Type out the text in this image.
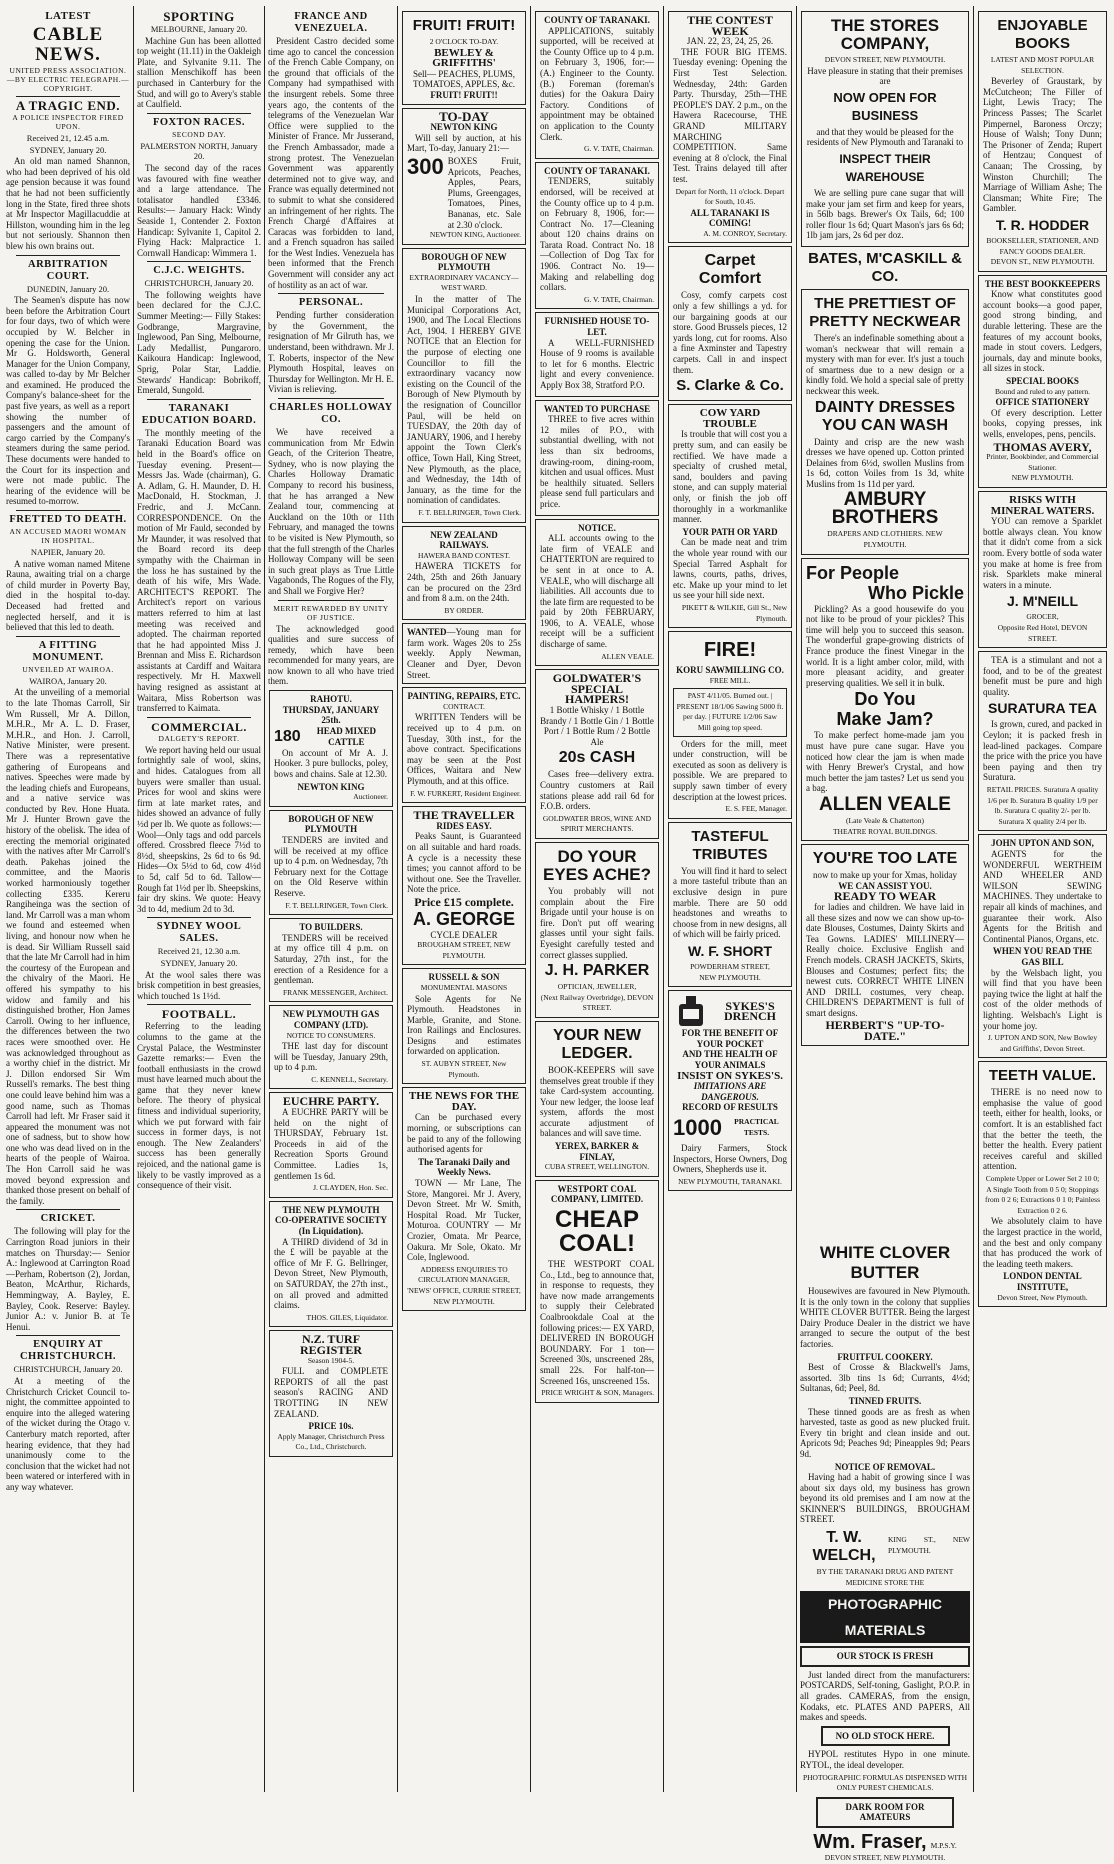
LATEST
CABLE NEWS.
UNITED PRESS ASSOCIATION.—BY ELECTRIC TELEGRAPH.—COPYRIGHT.
A TRAGIC END.
A POLICE INSPECTOR FIRED UPON.
Received 21, 12.45 a.m.
SYDNEY, January 20.

An old man named Shannon, who had been deprived of his old age pension because it was found that he had not been sufficiently long in the State, fired three shots at Mr Inspector Magillacuddie at Hillston, wounding him in the leg but not seriously. Shannon then blew his own brains out.

ARBITRATION COURT.
DUNEDIN, January 20.

The Seamen's dispute has now been before the Arbitration Court for four days, two of which were occupied by W. Belcher in opening the case for the Union. Mr G. Holdsworth, General Manager for the Union Company, was called to-day by Mr Belcher and examined. He produced the Company's balance-sheet for the past five years, as well as a report showing the number of passengers and the amount of cargo carried by the Company's steamers during the same period. These documents were handed to the Court for its inspection and were not made public. The hearing of the evidence will be resumed to-morrow.

FRETTED TO DEATH.
AN ACCUSED MAORI WOMAN IN HOSPITAL.
NAPIER, January 20.

A native woman named Mitene Rauna, awaiting trial on a charge of child murder in Poverty Bay, died in the hospital to-day. Deceased had fretted and neglected herself, and it is believed that this led to death.

A FITTING MONUMENT.
UNVEILED AT WAIROA.
WAIROA, January 20.

At the unveiling of a memorial to the late Thomas Carroll, Sir Wm Russell, Mr A. Dillon, M.H.R., Mr A. L. D. Fraser, M.H.R., and Hon. J. Carroll, Native Minister, were present. There was a representative gathering of Europeans and natives. Speeches were made by the leading chiefs and Europeans, and a native service was conducted by Rev. Hone Huata. Mr J. Hunter Brown gave the history of the obelisk. The idea of erecting the memorial originated with the natives after Mr Carroll's death. Pakehas joined the committee, and the Maoris worked harmoniously together collecting £335. Kereru Rangiheinga was the section of land. Mr Carroll was a man whom we found and esteemed when living, and honour now when he is dead. Sir William Russell said that the late Mr Carroll had in him the courtesy of the European and the chivalry of the Maori. He offered his sympathy to his widow and family and his distinguished brother, Hon James Carroll. Owing to her influence, the differences between the two races were smoothed over. He was acknowledged throughout as a worthy chief in the district. Mr J. Dillon endorsed Sir Wm Russell's remarks. The best thing one could leave behind him was a good name, such as Thomas Carroll had left. Mr Fraser said it appeared the monument was not one of sadness, but to show how one who was dead lived on in the hearts of the people of Wairoa. The Hon Carroll said he was moved beyond expression and thanked those present on behalf of the family.

CRICKET.

The following will play for the Carrington Road juniors in their matches on Thursday:— Senior A.: Inglewood at Carrington Road—Perham, Robertson (2), Jordan, Beaton, McArthur, Richards, Hemmingway, A. Bayley, E. Bayley, Cook. Reserve: Bayley. Junior A.: v. Junior B. at Te Henui.

ENQUIRY AT CHRISTCHURCH.
CHRISTCHURCH, January 20.

At a meeting of the Christchurch Cricket Council to-night, the committee appointed to enquire into the alleged watering of the wicket during the Otago v. Canterbury match reported, after hearing evidence, that they had unanimously come to the conclusion that the wicket had not been watered or interfered with in any way whatever.

SPORTING
MELBOURNE, January 20.

Machine Gun has been allotted top weight (11.11) in the Oakleigh Plate, and Sylvanite 9.11. The stallion Menschikoff has been purchased in Canterbury for the Stud, and will go to Avery's stable at Caulfield.

FOXTON RACES.
SECOND DAY.
PALMERSTON NORTH, January 20.

The second day of the races was favoured with fine weather and a large attendance. The totalisator handled £3346. Results:— January Hack: Windy Seaside 1, Contender 2. Foxton Handicap: Sylvanite 1, Capitol 2. Flying Hack: Malpractice 1. Cornwall Handicap: Wimmera 1.

C.J.C. WEIGHTS.
CHRISTCHURCH, January 20.

The following weights have been declared for the C.J.C. Summer Meeting:— Filly Stakes: Godbrange, Margravine, Inglewood, Pan Sing, Melbourne, Lady Medallist, Pungaroro. Kaikoura Handicap: Inglewood, Sprig, Polar Star, Laddie. Stewards' Handicap: Bobrikoff, Emerald, Sungold.

TARANAKI EDUCATION BOARD.

The monthly meeting of the Taranaki Education Board was held in the Board's office on Tuesday evening. Present—Messrs Jas. Wade (chairman), G. A. Adlam, G. H. Maunder, D. H. MacDonald, H. Stockman, J. Fredric, and J. McCann. CORRESPONDENCE. On the motion of Mr Fauld, seconded by Mr Maunder, it was resolved that the Board record its deep sympathy with the Chairman in the loss he has sustained by the death of his wife, Mrs Wade. ARCHITECT'S REPORT. The Architect's report on various matters referred to him at last meeting was received and adopted. The chairman reported that he had appointed Miss J. Brennan and Miss E. Richardson assistants at Cardiff and Waitara respectively. Mr H. Maxwell having resigned as assistant at Waitara, Miss Robertson was transferred to Kaimata.

COMMERCIAL.
DALGETY'S REPORT.

We report having held our usual fortnightly sale of wool, skins, and hides. Catalogues from all buyers were smaller than usual. Prices for wool and skins were firm at late market rates, and hides showed an advance of fully ½d per lb. We quote as follows:— Wool—Only tags and odd parcels offered. Crossbred fleece 7½d to 8½d, sheepskins, 2s 6d to 6s 9d. Hides—Ox 5½d to 6d, cow 4½d to 5d, calf 5d to 6d. Tallow—Rough fat 1½d per lb. Sheepskins, fair dry skins. We quote: Heavy 3d to 4d, medium 2d to 3d.

SYDNEY WOOL SALES.
Received 21, 12.30 a.m.
SYDNEY, January 20.

At the wool sales there was brisk competition in best greasies, which touched 1s 1½d.

FOOTBALL.

Referring to the leading columns to the game at the Crystal Palace, the Westminster Gazette remarks:— Even the football enthusiasts in the crowd must have learned much about the game that they never knew before. The theory of physical fitness and individual superiority, which we put forward with fair success in former days, is not enough. The New Zealanders' success has been generally rejoiced, and the national game is likely to be vastly improved as a consequence of their visit.

FRANCE AND VENEZUELA.

President Castro decided some time ago to cancel the concession of the French Cable Company, on the ground that officials of the Company had sympathised with the insurgent rebels. Some three years ago, the contents of the telegrams of the Venezuelan War Office were supplied to the Minister of France. Mr Jusserand, the French Ambassador, made a strong protest. The Venezuelan Government was apparently determined not to give way, and France was equally determined not to submit to what she considered an infringement of her rights. The French Chargé d'Affaires at Caracas was forbidden to land, and a French squadron has sailed for the West Indies. Venezuela has been informed that the French Government will consider any act of hostility as an act of war.

PERSONAL.

Pending further consideration by the Government, the resignation of Mr Gilruth has, we understand, been withdrawn. Mr J. T. Roberts, inspector of the New Plymouth Hospital, leaves on Thursday for Wellington. Mr H. E. Vivian is relieving.

CHARLES HOLLOWAY CO.

We have received a communication from Mr Edwin Geach, of the Criterion Theatre, Sydney, who is now playing the Charles Holloway Dramatic Company to record his business, that he has arranged a New Zealand tour, commencing at Auckland on the 10th or 11th February, and managed the towns to be visited is New Plymouth, so that the full strength of the Charles Holloway Company will be seen in such great plays as True Little Vagabonds, The Rogues of the Fly, and Shall we Forgive Her?

MERIT REWARDED BY UNITY OF JUSTICE.

The acknowledged good qualities and sure success of remedy, which have been recommended for many years, are now known to all who have tried them.

RAHOTU.
THURSDAY, JANUARY 25th.
180	HEAD MIXED CATTLE

On account of Mr A. J. Hooker. 3 pure bullocks, poley, bows and chains. Sale at 12.30.

NEWTON KING
Auctioneer.
BOROUGH OF NEW PLYMOUTH

TENDERS are invited and will be received at my office up to 4 p.m. on Wednesday, 7th February next for the Cottage on the Old Reserve within Reserve.

F. T. BELLRINGER, Town Clerk.
TO BUILDERS.

TENDERS will be received at my office till 4 p.m. on Saturday, 27th inst., for the erection of a Residence for a gentleman.

FRANK MESSENGER, Architect.
NEW PLYMOUTH GAS COMPANY (LTD).
NOTICE TO CONSUMERS.

THE last day for discount will be Tuesday, January 29th, up to 4 p.m.

C. KENNELL, Secretary.
EUCHRE PARTY.

A EUCHRE PARTY will be held on the night of THURSDAY, February 1st. Proceeds in aid of the Recreation Sports Ground Committee. Ladies 1s, gentlemen 1s 6d.

J. CLAYDEN, Hon. Sec.
THE NEW PLYMOUTH CO-OPERATIVE SOCIETY (In Liquidation).

A THIRD dividend of 3d in the £ will be payable at the office of Mr F. G. Bellringer, Devon Street, New Plymouth, on SATURDAY, the 27th inst., on all proved and admitted claims.

THOS. GILES, Liquidator.
N.Z. TURF REGISTER
Season 1904-5.

FULL and COMPLETE REPORTS of all the past season's RACING AND TROTTING IN NEW ZEALAND.

PRICE 10s.
Apply Manager, Christchurch Press Co., Ltd., Christchurch.
FRUIT! FRUIT!
2 O'CLOCK TO-DAY.
BEWLEY & GRIFFITHS'
Sell— PEACHES, PLUMS, TOMATOES, APPLES, &c.
FRUIT! FRUIT!!
TO-DAY
NEWTON KING

Will sell by auction, at his Mart, To-day, January 21:—

300 BOXES Fruit, Apricots, Peaches, Apples, Pears, Plums, Greengages, Tomatoes, Pines, Bananas, etc. Sale at 2.30 o'clock.
NEWTON KING, Auctioneer.
BOROUGH OF NEW PLYMOUTH
EXTRAORDINARY VACANCY—WEST WARD.

In the matter of The Municipal Corporations Act, 1900, and The Local Elections Act, 1904. I HEREBY GIVE NOTICE that an Election for the purpose of electing one Councillor to fill the extraordinary vacancy now existing on the Council of the Borough of New Plymouth by the resignation of Councillor Paul, will be held on TUESDAY, the 20th day of JANUARY, 1906, and I hereby appoint the Town Clerk's office, Town Hall, King Street, New Plymouth, as the place, and Wednesday, the 14th of January, as the time for the nomination of candidates.

F. T. BELLRINGER, Town Clerk.
NEW ZEALAND RAILWAYS.
HAWERA BAND CONTEST.

HAWERA TICKETS for 24th, 25th and 26th January can be procured on the 23rd and from 8 a.m. on the 24th.

BY ORDER.
WANTED—Young man for farm work. Wages 20s to 25s weekly. Apply Newman, Cleaner and Dyer, Devon Street.
PAINTING, REPAIRS, ETC.
CONTRACT.

WRITTEN Tenders will be received up to 4 p.m. on Tuesday, 30th inst., for the above contract. Specifications may be seen at the Post Offices, Waitara and New Plymouth, and at this office.

F. W. FURKERT, Resident Engineer.
THE TRAVELLER
RIDES EASY.

Peaks Saunt, is Guaranteed on all suitable and hard roads. A cycle is a necessity these times; you cannot afford to be without one. See the Traveller. Note the price.

Price £15 complete.
A. GEORGE
CYCLE DEALER
BROUGHAM STREET, NEW PLYMOUTH.
RUSSELL & SON
MONUMENTAL MASONS

Sole Agents for Ne Plymouth. Headstones in Marble, Granite, and Stone. Iron Railings and Enclosures. Designs and estimates forwarded on application.

ST. AUBYN STREET, New Plymouth.
THE NEWS FOR THE DAY.

Can be purchased every morning, or subscriptions can be paid to any of the following authorised agents for

The Taranaki Daily and Weekly News.

TOWN — Mr Lane, The Store, Mangorei. Mr J. Avery, Devon Street. Mr W. Smith, Hospital Road. Mr Tucker, Moturoa. COUNTRY — Mr Crozier, Omata. Mr Pearce, Oakura. Mr Sole, Okato. Mr Cole, Inglewood.

ADDRESS ENQUIRIES TO CIRCULATION MANAGER, 'NEWS' OFFICE, CURRIE STREET, NEW PLYMOUTH.
COUNTY OF TARANAKI.

APPLICATIONS, suitably supported, will be received at the County Office up to 4 p.m. on February 3, 1906, for:— (A.) Engineer to the County. (B.) Foreman (foreman's duties) for the Oakura Dairy Factory. Conditions of appointment may be obtained on application to the County Clerk.

G. V. TATE, Chairman.
COUNTY OF TARANAKI.

TENDERS, suitably endorsed, will be received at the County office up to 4 p.m. on February 8, 1906, for:— Contract No. 17—Cleaning about 120 chains drains on Tarata Road. Contract No. 18—Collection of Dog Tax for 1906. Contract No. 19—Making and relabelling dog collars.

G. V. TATE, Chairman.
FURNISHED HOUSE TO-LET.

A WELL-FURNISHED House of 9 rooms is available to let for 6 months. Electric light and every convenience. Apply Box 38, Stratford P.O.

WANTED TO PURCHASE

THREE to five acres within 12 miles of P.O., with substantial dwelling, with not less than six bedrooms, drawing-room, dining-room, kitchen and usual offices. Must be healthily situated. Sellers please send full particulars and price.

NOTICE.

ALL accounts owing to the late firm of VEALE and CHATTERTON are required to be sent in at once to A. VEALE, who will discharge all liabilities. All accounts due to the late firm are requested to be paid by 20th FEBRUARY, 1906, to A. VEALE, whose receipt will be a sufficient discharge of same.

ALLEN VEALE.
GOLDWATER'S SPECIAL HAMPERS!
1 Bottle Whisky / 1 Bottle Brandy / 1 Bottle Gin / 1 Bottle Port / 1 Bottle Rum / 2 Bottle Ale
20s CASH

Cases free—delivery extra. Country customers at Rail stations please add rail 6d for F.O.B. orders.

GOLDWATER BROS, WINE AND SPIRIT MERCHANTS.
DO YOUR EYES ACHE?

You probably will not complain about the Fire Brigade until your house is on fire. Don't put off wearing glasses until your sight fails. Eyesight carefully tested and correct glasses supplied.

J. H. PARKER
OPTICIAN, JEWELLER,
(Next Railway Overbridge), DEVON STREET.
YOUR NEW LEDGER.

BOOK-KEEPERS will save themselves great trouble if they take Card-system accounting. Your new ledger, the loose leaf system, affords the most accurate adjustment of balances and will save time.

YEREX, BARKER & FINLAY,
CUBA STREET, WELLINGTON.
WESTPORT COAL COMPANY, LIMITED.
CHEAP COAL!

THE WESTPORT COAL Co., Ltd., beg to announce that, in response to requests, they have now made arrangements to supply their Celebrated Coalbrookdale Coal at the following prices:— EX YARD, DELIVERED IN BOROUGH BOUNDARY. For 1 ton—Screened 30s, unscreened 28s, small 22s. For half-ton—Screened 16s, unscreened 15s.

PRICE WRIGHT & SON, Managers.
THE CONTEST WEEK
JAN. 22, 23, 24, 25, 26.

THE FOUR BIG ITEMS. Tuesday evening: Opening the First Test Selection. Wednesday, 24th: Garden Party. Thursday, 25th—THE PEOPLE'S DAY. 2 p.m., on the Hawera Racecourse, THE GRAND MILITARY MARCHING COMPETITION. Same evening at 8 o'clock, the Final Test. Trains delayed till after test.

Depart for North, 11 o'clock. Depart for South, 10.45.
ALL TARANAKI IS COMING!
A. M. CONROY, Secretary.
Carpet Comfort

Cosy, comfy carpets cost only a few shillings a yd. for our bargaining goods at our store. Good Brussels pieces, 12 yards long, cut for rooms. Also a fine Axminster and Tapestry carpets. Call in and inspect them.

S. Clarke & Co.
COW YARD TROUBLE

Is trouble that will cost you a pretty sum, and can easily be rectified. We have made a specialty of crushed metal, sand, boulders and paving stone, and can supply material only, or finish the job off thoroughly in a workmanlike manner.

YOUR PATH OR YARD

Can be made neat and trim the whole year round with our Special Tarred Asphalt for lawns, courts, paths, drives, etc. Make up your mind to let us see your hill side next.

PIKETT & WILKIE, Gill St., New Plymouth.
FIRE!
KORU SAWMILLING CO.
FREE MILL.
PAST 4/11/05. Burned out. | PRESENT 18/1/06 Sawing 5000 ft. per day. | FUTURE 1/2/06 Saw Mill going top speed.

Orders for the mill, meet under construction, will be executed as soon as delivery is possible. We are prepared to supply sawn timber of every description at the lowest prices.

E. S. FEE, Manager.
TASTEFUL TRIBUTES

You will find it hard to select a more tasteful tribute than an exclusive design in pure marble. There are 50 odd headstones and wreaths to choose from in new designs, all of which will be fairly priced.

W. F. SHORT
POWDERHAM STREET,
NEW PLYMOUTH.
SYKES'S DRENCH
FOR THE BENEFIT OF YOUR POCKET
AND THE HEALTH OF YOUR ANIMALS
INSIST ON SYKES'S.
IMITATIONS ARE DANGEROUS.
RECORD OF RESULTS
1000	PRACTICAL TESTS.

Dairy Farmers, Stock Inspectors, Horse Owners, Dog Owners, Shepherds use it.

NEW PLYMOUTH, TARANAKI.
THE STORES COMPANY,
DEVON STREET, NEW PLYMOUTH.
Have pleasure in stating that their premises are
NOW OPEN FOR BUSINESS
and that they would be pleased for the residents of New Plymouth and Taranaki to
INSPECT THEIR WAREHOUSE

We are selling pure cane sugar that will make your jam set firm and keep for years, in 56lb bags. Brewer's Ox Tails, 6d; 100 roller flour 1s 6d; Quart Mason's jars 6s 6d; 1lb jam jars, 2s 6d per doz.

BATES, M'CASKILL & CO.
THE PRETTIEST OF PRETTY NECKWEAR

There's an indefinable something about a woman's neckwear that will remain a mystery with man for ever. It's just a touch of smartness due to a new design or a kindly fold. We hold a special sale of pretty neckwear this week.

DAINTY DRESSES YOU CAN WASH

Dainty and crisp are the new wash dresses we have opened up. Cotton printed Delaines from 6½d, swollen Muslins from 1s 6d, cotton Voiles from 1s 3d, white Muslins from 1s 11d per yard.

AMBURY BROTHERS
DRAPERS AND CLOTHIERS. NEW PLYMOUTH.
For People
Who Pickle

Pickling? As a good housewife do you not like to be proud of your pickles? This time will help you to succeed this season. The wonderful grape-growing districts of France produce the finest Vinegar in the world. It is a light amber color, mild, with more pleasant acidity, and greater preserving qualities. We sell it in bulk.

Do You
Make Jam?

To make perfect home-made jam you must have pure cane sugar. Have you noticed how clear the jam is when made with Henry Brewer's Crystal, and how much better the jam tastes? Let us send you a bag.

ALLEN VEALE
(Late Veale & Chatterton)
THEATRE ROYAL BUILDINGS.
YOU'RE TOO LATE
now to make up your for Xmas, holiday
WE CAN ASSIST YOU.
READY TO WEAR

for ladies and children. We have laid in all these sizes and now we can show up-to-date Blouses, Costumes, Dainty Skirts and Tea Gowns. LADIES' MILLINERY—Really choice. Exclusive English and French models. CRASH JACKETS, Skirts, Blouses and Costumes; perfect fits; the newest cuts. CORRECT WHITE LINEN AND DRILL costumes, very cheap. CHILDREN'S DEPARTMENT is full of smart designs.

HERBERT'S "UP-TO-DATE."
WHITE CLOVER BUTTER

Housewives are favoured in New Plymouth. It is the only town in the colony that supplies WHITE CLOVER BUTTER. Being the largest Dairy Produce Dealer in the district we have arranged to secure the output of the best factories.

FRUITFUL COOKERY.

Best of Crosse & Blackwell's Jams, assorted. 3lb tins 1s 6d; Currants, 4½d; Sultanas, 6d; Peel, 8d.

TINNED FRUITS.

These tinned goods are as fresh as when harvested, taste as good as new plucked fruit. Every tin bright and clean inside and out. Apricots 9d; Peaches 9d; Pineapples 9d; Pears 9d.

NOTICE OF REMOVAL.

Having had a habit of growing since I was about six days old, my business has grown beyond its old premises and I am now at the SKINNER'S BUILDINGS, BROUGHAM STREET.

T. W. WELCH,
KING ST., NEW PLYMOUTH.
BY THE TARANAKI DRUG AND PATENT MEDICINE STORE THE
PHOTOGRAPHIC MATERIALS
OUR STOCK IS FRESH

Just landed direct from the manufacturers: POSTCARDS, Self-toning, Gaslight, P.O.P. in all grades. CAMERAS, from the ensign, Kodaks, etc. PLATES AND PAPERS, All makes and speeds.

NO OLD STOCK HERE.

HYPOL restitutes Hypo in one minute. RYTOL, the ideal developer.

PHOTOGRAPHIC FORMULAS DISPENSED WITH ONLY PUREST CHEMICALS.
DARK ROOM FOR AMATEURS
Wm. Fraser, M.P.S.Y.
DEVON STREET, NEW PLYMOUTH.
ENJOYABLE BOOKS
LATEST AND MOST POPULAR SELECTION.

Beverley of Graustark, by McCutcheon; The Filler of Light, Lewis Tracy; The Princess Passes; The Scarlet Pimpernel, Baroness Orczy; House of Walsh; Tony Dunn; The Prisoner of Zenda; Rupert of Hentzau; Conquest of Canaan; The Crossing, by Winston Churchill; The Marriage of William Ashe; The Clansman; White Fire; The Gambler.

T. R. HODDER
BOOKSELLER, STATIONER, AND FANCY GOODS DEALER.
DEVON ST., NEW PLYMOUTH.
THE BEST BOOKKEEPERS

Know what constitutes good account books—a good paper, good strong binding, and durable lettering. These are the features of my account books, made in stout covers. Ledgers, journals, day and minute books, all sizes in stock.

SPECIAL BOOKS
Bound and ruled to any pattern.
OFFICE STATIONERY

Of every description. Letter books, copying presses, ink wells, envelopes, pens, pencils.

THOMAS AVERY,
Printer, Bookbinder, and Commercial Stationer.
NEW PLYMOUTH.
RISKS WITH MINERAL WATERS.

YOU can remove a Sparklet bottle always clean. You know that it didn't come from a sick room. Every bottle of soda water you make at home is free from risk. Sparklets make mineral waters in a minute.

J. M'NEILL
GROCER,
Opposite Red Hotel, DEVON STREET.

TEA is a stimulant and not a food, and to be of the greatest benefit must be pure and high quality.

SURATURA TEA

Is grown, cured, and packed in Ceylon; it is packed fresh in lead-lined packages. Compare the price with the price you have been paying and then try Suratura.

RETAIL PRICES. Suratura A quality 1/6 per lb. Suratura B quality 1/9 per lb. Suratura C quality 2/- per lb. Suratura X quality 2/4 per lb.
JOHN UPTON AND SON,

AGENTS for the WONDERFUL WERTHEIM AND WHEELER AND WILSON SEWING MACHINES. They undertake to repair all kinds of machines, and guarantee their work. Also Agents for the British and Continental Pianos, Organs, etc.

WHEN YOU READ THE GAS BILL

by the Welsbach light, you will find that you have been paying twice the light at half the cost of the older methods of lighting. Welsbach's Light is your home joy.

J. UPTON AND SON, New Bowley and Griffiths', Devon Street.
TEETH VALUE.

THERE is no need now to emphasise the value of good teeth, either for health, looks, or comfort. It is an established fact that the better the teeth, the better the health. Every patient receives careful and skilled attention.

Complete Upper or Lower Set 2 10 0; A Single Tooth from 0 5 0; Stoppings from 0 2 6; Extractions 0 1 0; Painless Extraction 0 2 6.

We absolutely claim to have the largest practice in the world, and the best and only company that has produced the work of the leading teeth makers.

LONDON DENTAL INSTITUTE,
Devon Street, New Plymouth.
